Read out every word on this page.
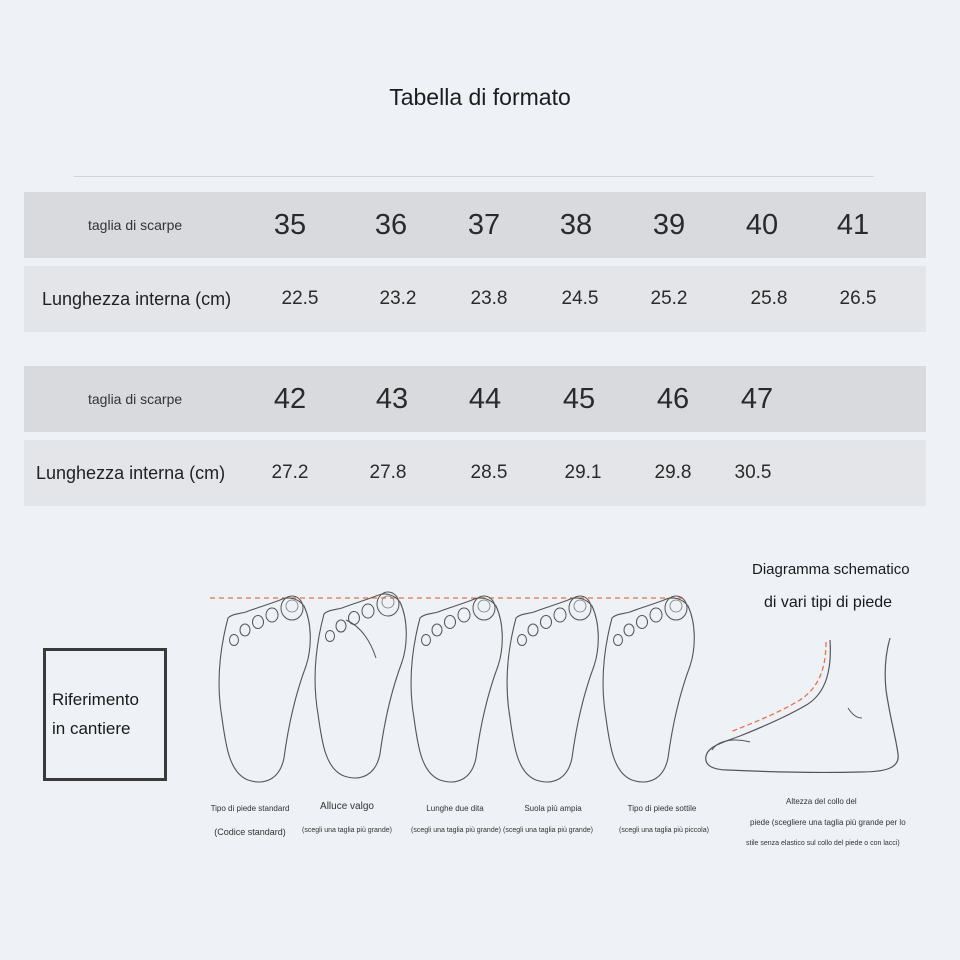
Tabella di formato
taglia di scarpe	35	36	37	38	39	40	41
Lunghezza interna (cm)	22.5	23.2	23.8	24.5	25.2	25.8	26.5
taglia di scarpe	42	43	44	45	46	47
Lunghezza interna (cm)	27.2	27.8	28.5	29.1	29.8	30.5
Riferimento
in cantiere
Tipo di piede standard	Alluce valgo	Lunghe due dita	Suola più ampia	Tipo di piede sottile
(Codice standard)	(scegli una taglia più grande)	(scegli una taglia più grande) (scegli una taglia più grande)	(scegli una taglia più piccola)
Diagramma schematico
di vari tipi di piede
Altezza del collo del
piede (scegliere una taglia più grande per lo
stile senza elastico sul collo del piede o con lacci)
